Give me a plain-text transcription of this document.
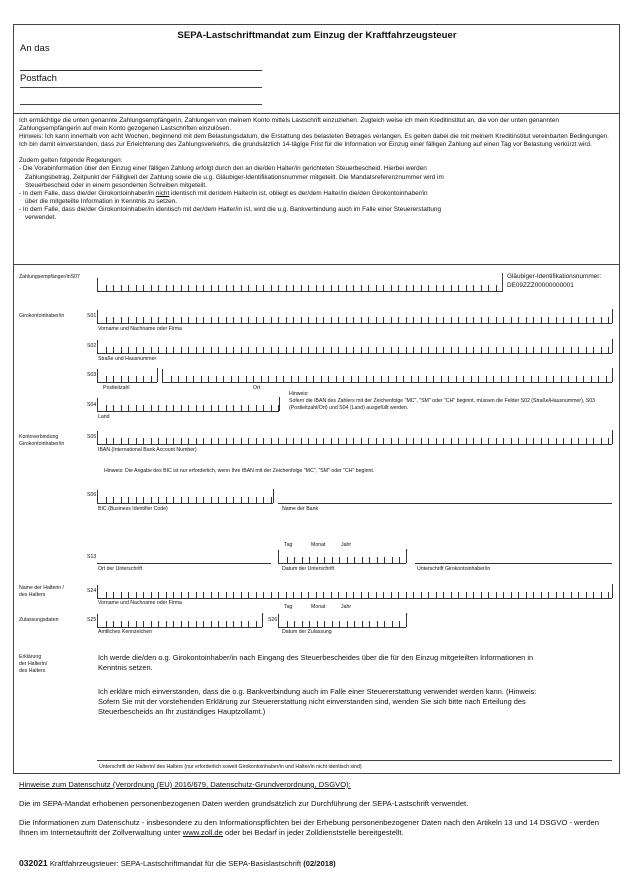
SEPA-Lastschriftmandat zum Einzug der Kraftfahrzeugsteuer
An das
Postfach
Ich ermächtige die unten genannte Zahlungsempfängerin, Zahlungen von meinem Konto mittels Lastschrift einzuziehen. Zugleich weise ich mein Kreditinstitut an, die von der unten genannten Zahlungsempfängerin auf mein Konto gezogenen Lastschriften einzulösen.
Hinweis: Ich kann innerhalb von acht Wochen, beginnend mit dem Belastungsdatum, die Erstattung des belasteten Betrages verlangen. Es gelten dabei die mit meinem Kreditinstitut vereinbarten Bedingungen. Ich bin damit einverstanden, dass zur Erleichterung des Zahlungsverkehrs, die grundsätzlich 14-tägige Frist für die Information vor Einzug einer fälligen Zahlung auf einen Tag vor Belastung verkürzt wird.
Zudem gelten folgende Regelungen:
- Die Vorabinformation über den Einzug einer fälligen Zahlung erfolgt durch den an die/den Halter/in gerichteten Steuerbescheid. Hierbei werden
Zahlungsbetrag, Zeitpunkt der Fälligkeit der Zahlung sowie die u.g. Gläubiger-Identifikationsnummer mitgeteilt. Die Mandatsreferenznummer wird im
Steuerbescheid oder in einem gesonderten Schreiben mitgeteilt.
- In dem Falle, dass die/der Girokontoinhaber/in nicht identisch mit der/dem Halter/in ist, obliegt es der/dem Halter/in die/den Girokontoinhaber/in
über die mitgeteilte Information in Kenntnis zu setzen.
- In dem Falle, dass die/der Girokontoinhaber/in identisch mit der/dem Halter/in ist, wird die u.g. Bankverbindung auch im Falle einer Steuererstattung
verwendet.
Zahlungsempfänger/inS07	Gläubiger-Identifikationsnummer:
DE09ZZZ00000000001
Girokontoinhaber/in	S01
Vorname und Nachname oder Firma
S02
Straße und Hausnummer
S03
Postleitzahl	Ort
S04
Land
Hinweis:
Sofern die IBAN des Zahlers mit der Zeichenfolge "MC", "SM" oder "CH" beginnt, müssen die Felder S02 (Straße/Hausnummer), S03 (Postleitzahl/Ort) und S04 (Land) ausgefüllt werden.
Kontoverbindung
Girokontoinhaber/in
S05
IBAN (International Bank Account Number)
Hinweis: Die Angabe des BIC ist nur erforderlich, wenn Ihre IBAN mit der Zeichenfolge "MC", "SM" oder "CH" beginnt.
S06
BIC (Business Identifier Code)	Name der Bank
Tag	Monat	Jahr
S13
Ort der Unterschrift	Datum der Unterschrift	Unterschrift Girokontoinhaber/in
Name der Halterin /
des Halters
S24
Vorname und Nachname oder Firma
Tag	Monat	Jahr
Zulassungsdaten	S25	S26
Amtliches Kennzeichen	Datum der Zulassung
Erklärung
der Halterin/
des Halters
Ich werde die/den o.g. Girokontoinhaber/in nach Eingang des Steuerbescheides über die für den Einzug mitgeteilten Informationen in Kenntnis setzen.
Ich erkläre mich einverstanden, dass die o.g. Bankverbindung auch im Falle einer Steuererstattung verwendet werden kann. (Hinweis: Sofern Sie mit der vorstehenden Erklärung zur Steuererstattung nicht einverstanden sind, wenden Sie sich bitte nach Erteilung des Steuerbescheids an Ihr zuständiges Hauptzollamt.)
Unterschrift der Halterin/ des Halters (nur erforderlich soweit Girokontoinhaber/in und Halter/in nicht identisch sind)
Hinweise zum Datenschutz (Verordnung (EU) 2016/679, Datenschutz-Grundverordnung, DSGVO):
Die im SEPA-Mandat erhobenen personenbezogenen Daten werden grundsätzlich zur Durchführung der SEPA-Lastschrift verwendet.
Die Informationen zum Datenschutz - insbesondere zu den Informationspflichten bei der Erhebung personenbezogener Daten nach den Artikeln 13 und 14 DSGVO - werden Ihnen im Internetauftritt der Zollverwaltung unter www.zoll.de oder bei Bedarf in jeder Zolldienststelle bereitgestellt.
032021 Kraftfahrzeugsteuer: SEPA-Lastschriftmandat für die SEPA-Basislastschrift (02/2018)
